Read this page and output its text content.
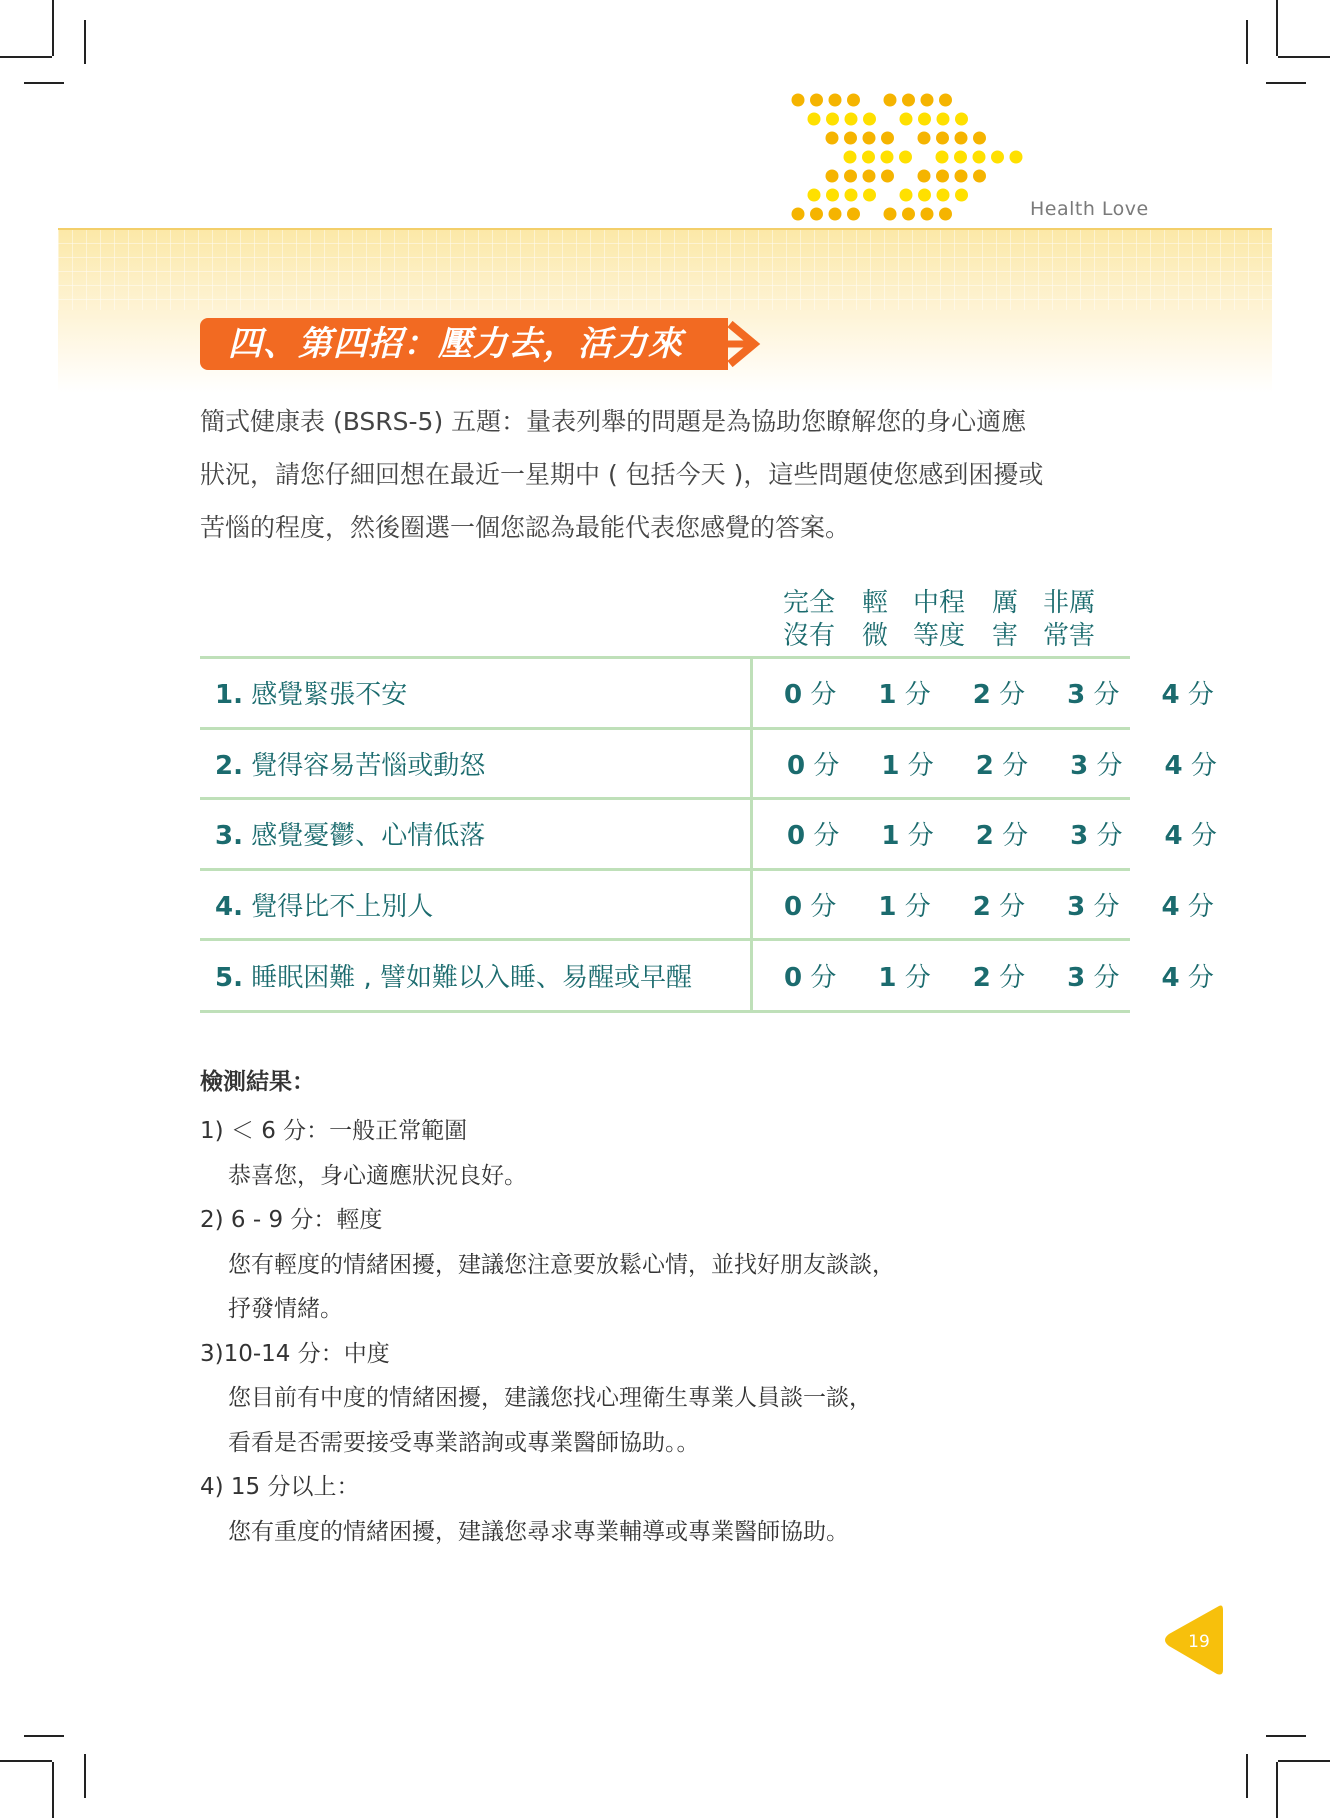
Health Love
四、第四招：壓力去，活力來

簡式健康表 (BSRS-5) 五題：量表列舉的問題是為協助您瞭解您的身心適應

狀況，請您仔細回想在最近一星期中 ( 包括今天 )，這些問題使您感到困擾或

苦惱的程度，然後圈選一個您認為最能代表您感覺的答案。

完全
沒有
輕
微
中程
等度
厲
害
非厲
常害
1. 感覺緊張不安
2. 覺得容易苦惱或動怒
3. 感覺憂鬱、心情低落
4. 覺得比不上別人
5. 睡眠困難 , 譬如難以入睡、易醒或早醒
0 分 1 分 2 分 3 分 4 分
0 分 1 分 2 分 3 分 4 分
0 分 1 分 2 分 3 分 4 分
0 分 1 分 2 分 3 分 4 分
0 分 1 分 2 分 3 分 4 分
檢測結果：
1) ＜ 6 分：一般正常範圍
恭喜您，身心適應狀況良好。
2) 6 - 9 分：輕度
您有輕度的情緒困擾，建議您注意要放鬆心情，並找好朋友談談，
抒發情緒。
3)10-14 分：中度
您目前有中度的情緒困擾，建議您找心理衛生專業人員談一談，
看看是否需要接受專業諮詢或專業醫師協助。。
4) 15 分以上：
您有重度的情緒困擾，建議您尋求專業輔導或專業醫師協助。
19
